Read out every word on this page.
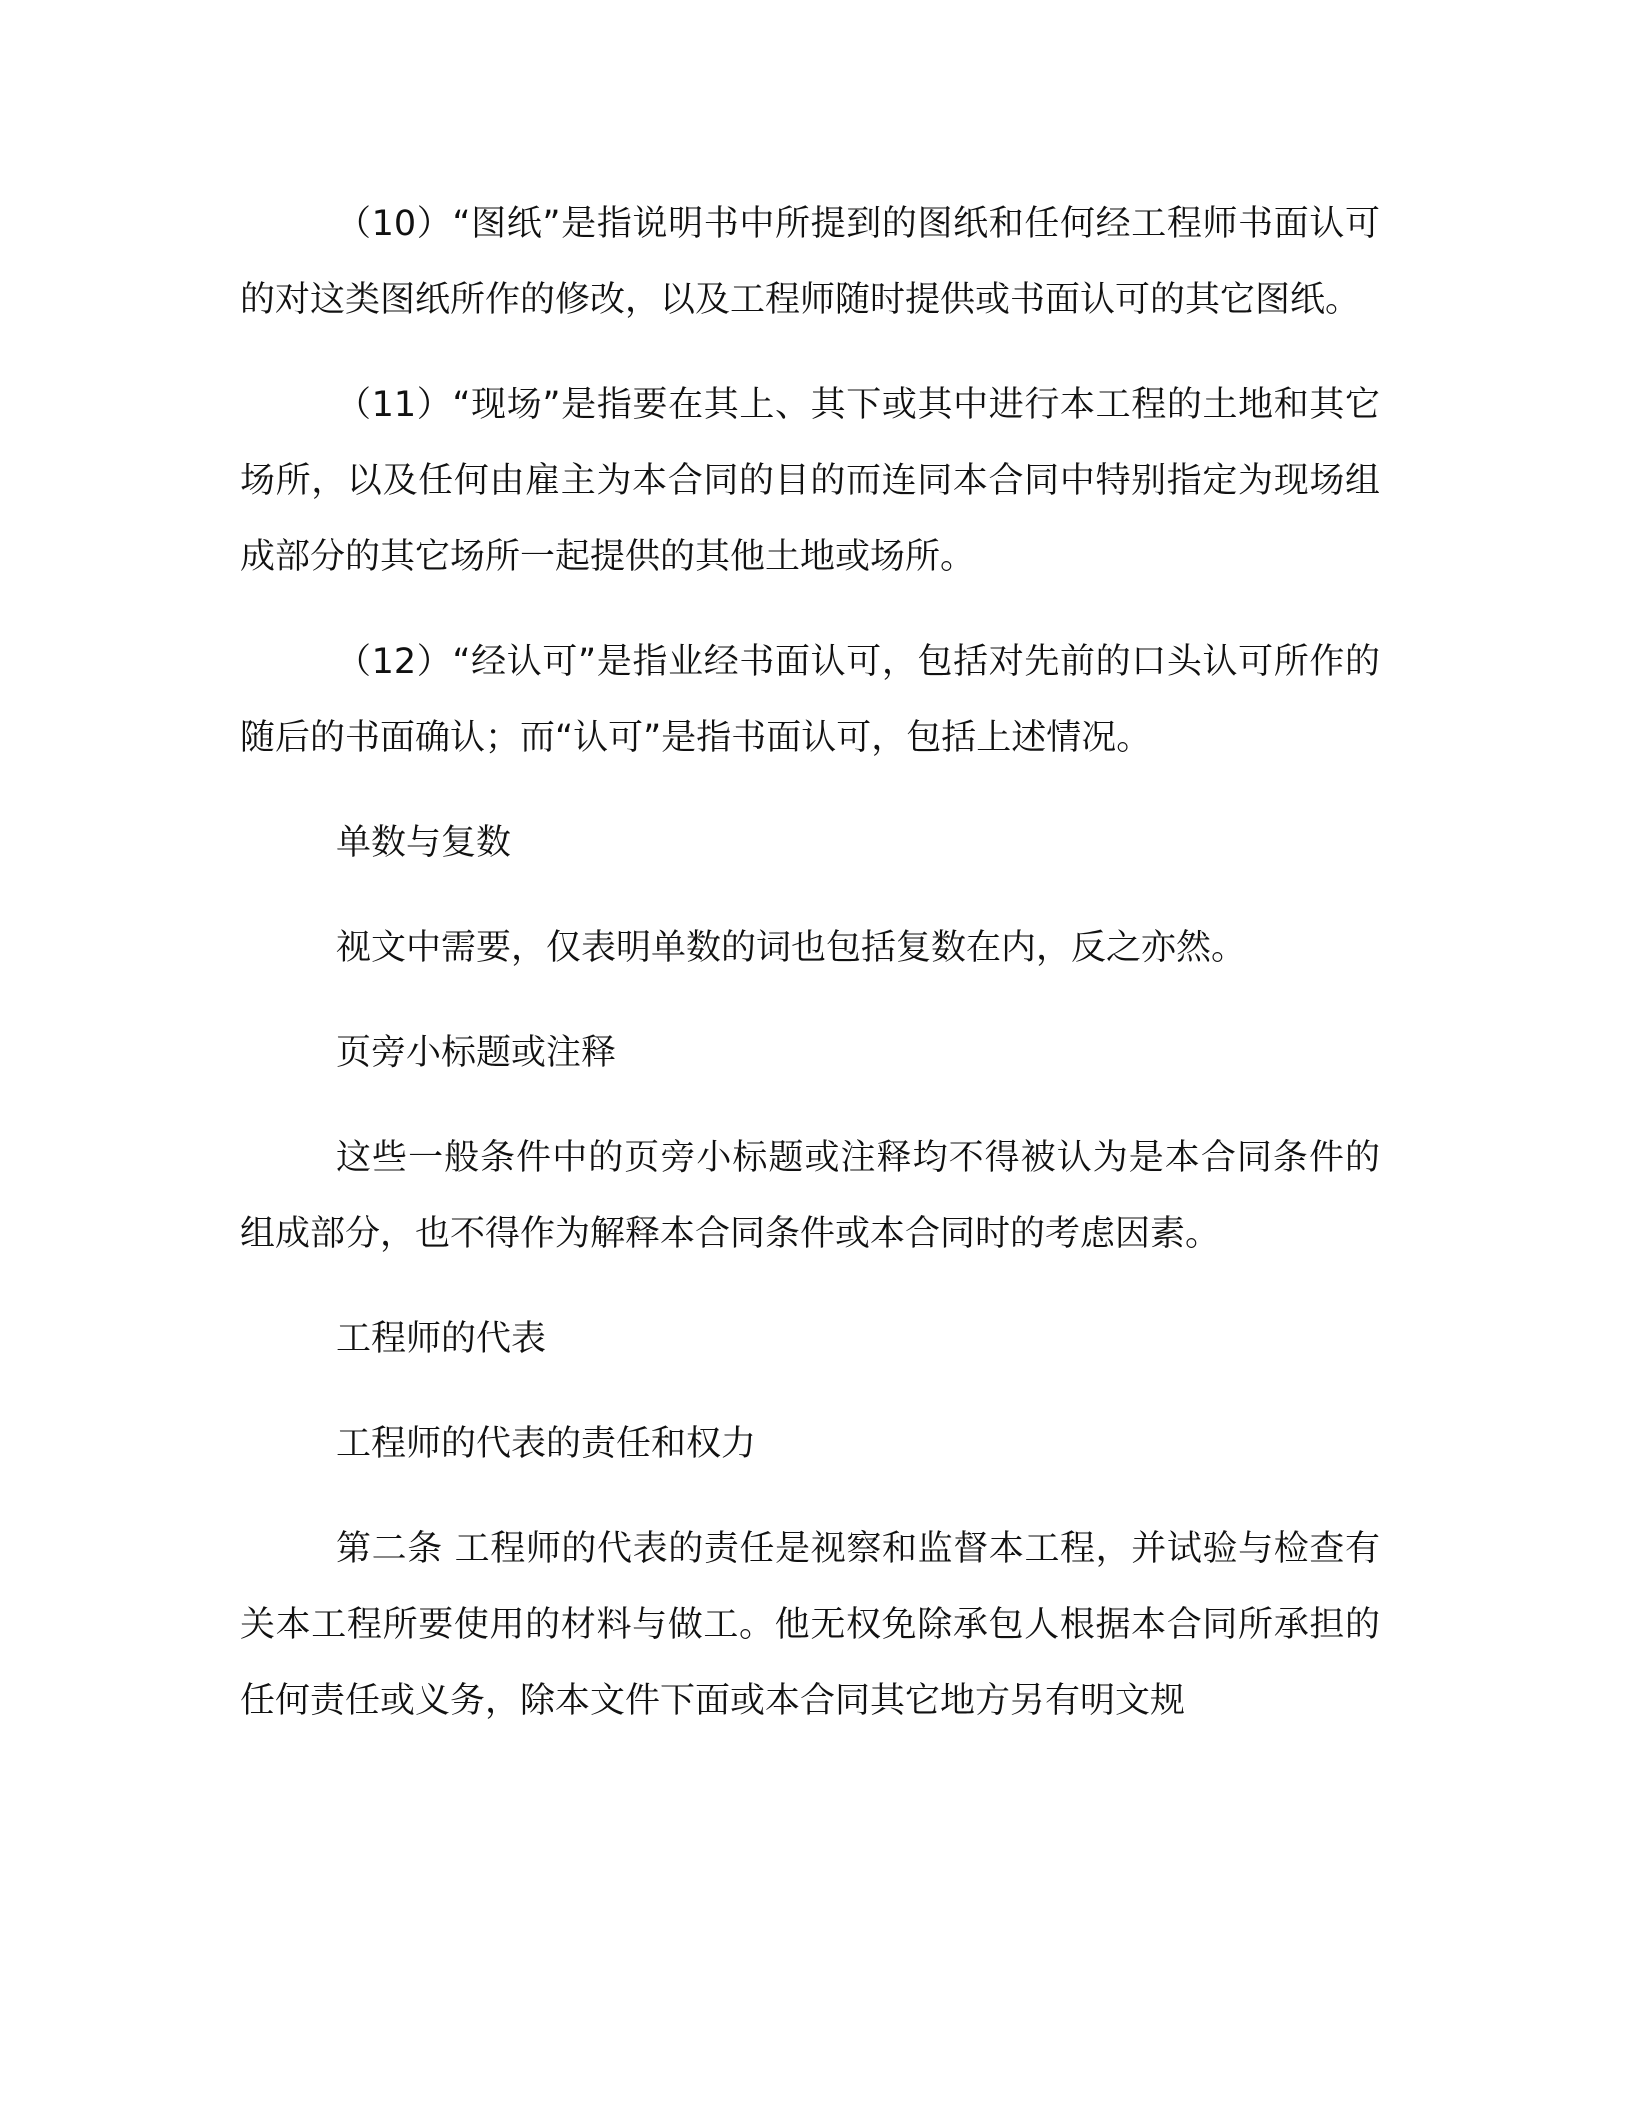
（10）“图纸”是指说明书中所提到的图纸和任何经工程师书面认可的对这类图纸所作的修改，以及工程师随时提供或书面认可的其它图纸。

（11）“现场”是指要在其上、其下或其中进行本工程的土地和其它场所，以及任何由雇主为本合同的目的而连同本合同中特别指定为现场组成部分的其它场所一起提供的其他土地或场所。

（12）“经认可”是指业经书面认可，包括对先前的口头认可所作的随后的书面确认；而“认可”是指书面认可，包括上述情况。

单数与复数

视文中需要，仅表明单数的词也包括复数在内，反之亦然。

页旁小标题或注释

这些一般条件中的页旁小标题或注释均不得被认为是本合同条件的组成部分，也不得作为解释本合同条件或本合同时的考虑因素。

工程师的代表

工程师的代表的责任和权力

第二条 工程师的代表的责任是视察和监督本工程，并试验与检查有关本工程所要使用的材料与做工。他无权免除承包人根据本合同所承担的任何责任或义务，除本文件下面或本合同其它地方另有明文规
